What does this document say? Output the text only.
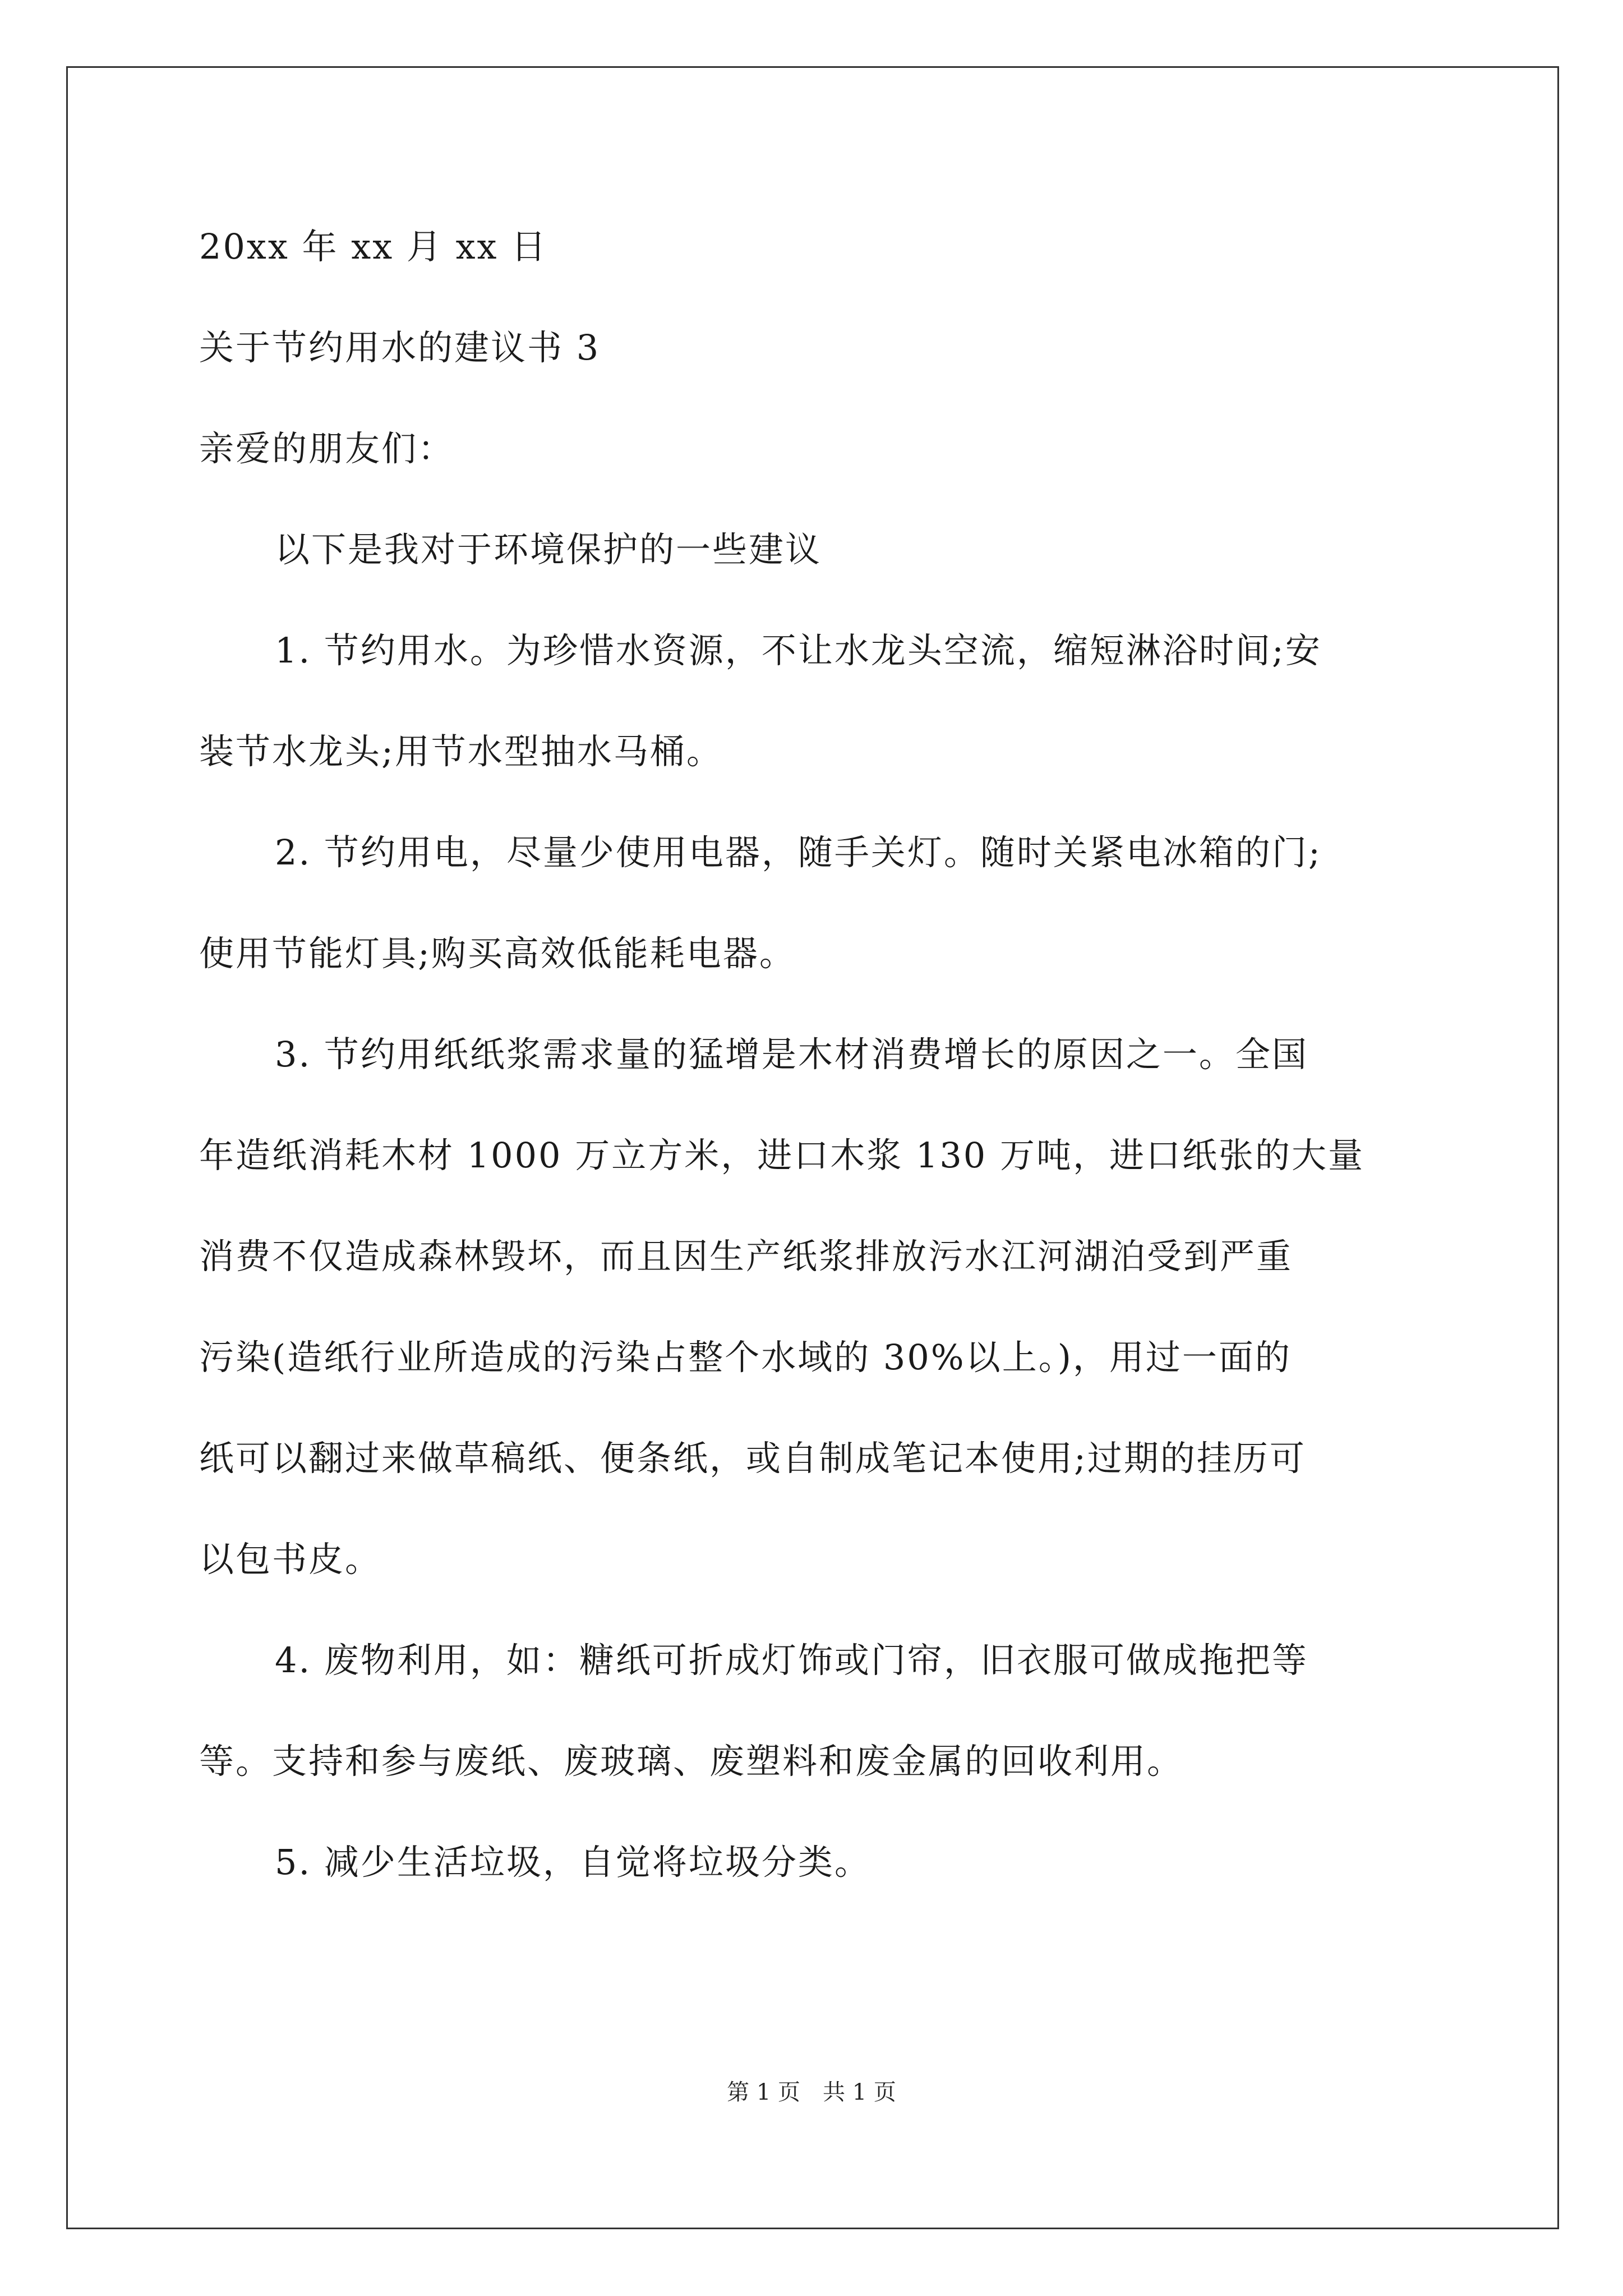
20xx 年 xx 月 xx 日
关于节约用水的建议书 3
亲爱的朋友们：
以下是我对于环境保护的一些建议
1. 节约用水。为珍惜水资源，不让水龙头空流，缩短淋浴时间;安
装节水龙头;用节水型抽水马桶。
2. 节约用电，尽量少使用电器，随手关灯。随时关紧电冰箱的门;
使用节能灯具;购买高效低能耗电器。
3. 节约用纸纸浆需求量的猛增是木材消费增长的原因之一。全国
年造纸消耗木材 1000 万立方米，进口木浆 130 万吨，进口纸张的大量
消费不仅造成森林毁坏，而且因生产纸浆排放污水江河湖泊受到严重
污染(造纸行业所造成的污染占整个水域的 30%以上。)，用过一面的
纸可以翻过来做草稿纸、便条纸，或自制成笔记本使用;过期的挂历可
以包书皮。
4. 废物利用，如：糖纸可折成灯饰或门帘，旧衣服可做成拖把等
等。支持和参与废纸、废玻璃、废塑料和废金属的回收利用。
5. 减少生活垃圾，自觉将垃圾分类。
第 1 页　共 1 页
